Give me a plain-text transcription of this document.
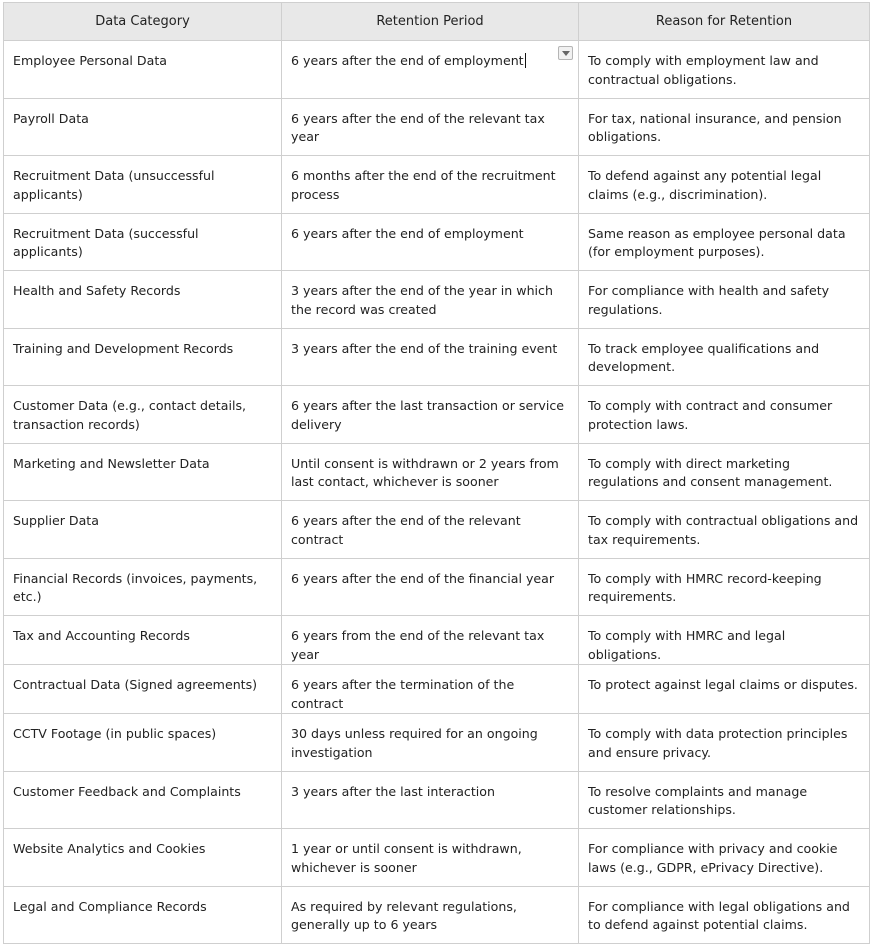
Data Category	Retention Period	Reason for Retention
Employee Personal Data	6 years after the end of employment	To comply with employment law and contractual obligations.
Payroll Data	6 years after the end of the relevant tax year	For tax, national insurance, and pension obligations.
Recruitment Data (unsuccessful applicants)	6 months after the end of the recruitment process	To defend against any potential legal claims (e.g., discrimination).
Recruitment Data (successful applicants)	6 years after the end of employment	Same reason as employee personal data (for employment purposes).
Health and Safety Records	3 years after the end of the year in which the record was created	For compliance with health and safety regulations.
Training and Development Records	3 years after the end of the training event	To track employee qualifications and development.
Customer Data (e.g., contact details, transaction records)	6 years after the last transaction or service delivery	To comply with contract and consumer protection laws.
Marketing and Newsletter Data	Until consent is withdrawn or 2 years from last contact, whichever is sooner	To comply with direct marketing regulations and consent management.
Supplier Data	6 years after the end of the relevant contract	To comply with contractual obligations and tax requirements.
Financial Records (invoices, payments, etc.)	6 years after the end of the financial year	To comply with HMRC record-keeping requirements.
Tax and Accounting Records	6 years from the end of the relevant tax year	To comply with HMRC and legal obligations.
Contractual Data (Signed agreements)	6 years after the termination of the contract	To protect against legal claims or disputes.
CCTV Footage (in public spaces)	30 days unless required for an ongoing investigation	To comply with data protection principles and ensure privacy.
Customer Feedback and Complaints	3 years after the last interaction	To resolve complaints and manage customer relationships.
Website Analytics and Cookies	1 year or until consent is withdrawn, whichever is sooner	For compliance with privacy and cookie laws (e.g., GDPR, ePrivacy Directive).
Legal and Compliance Records	As required by relevant regulations, generally up to 6 years	For compliance with legal obligations and to defend against potential claims.
